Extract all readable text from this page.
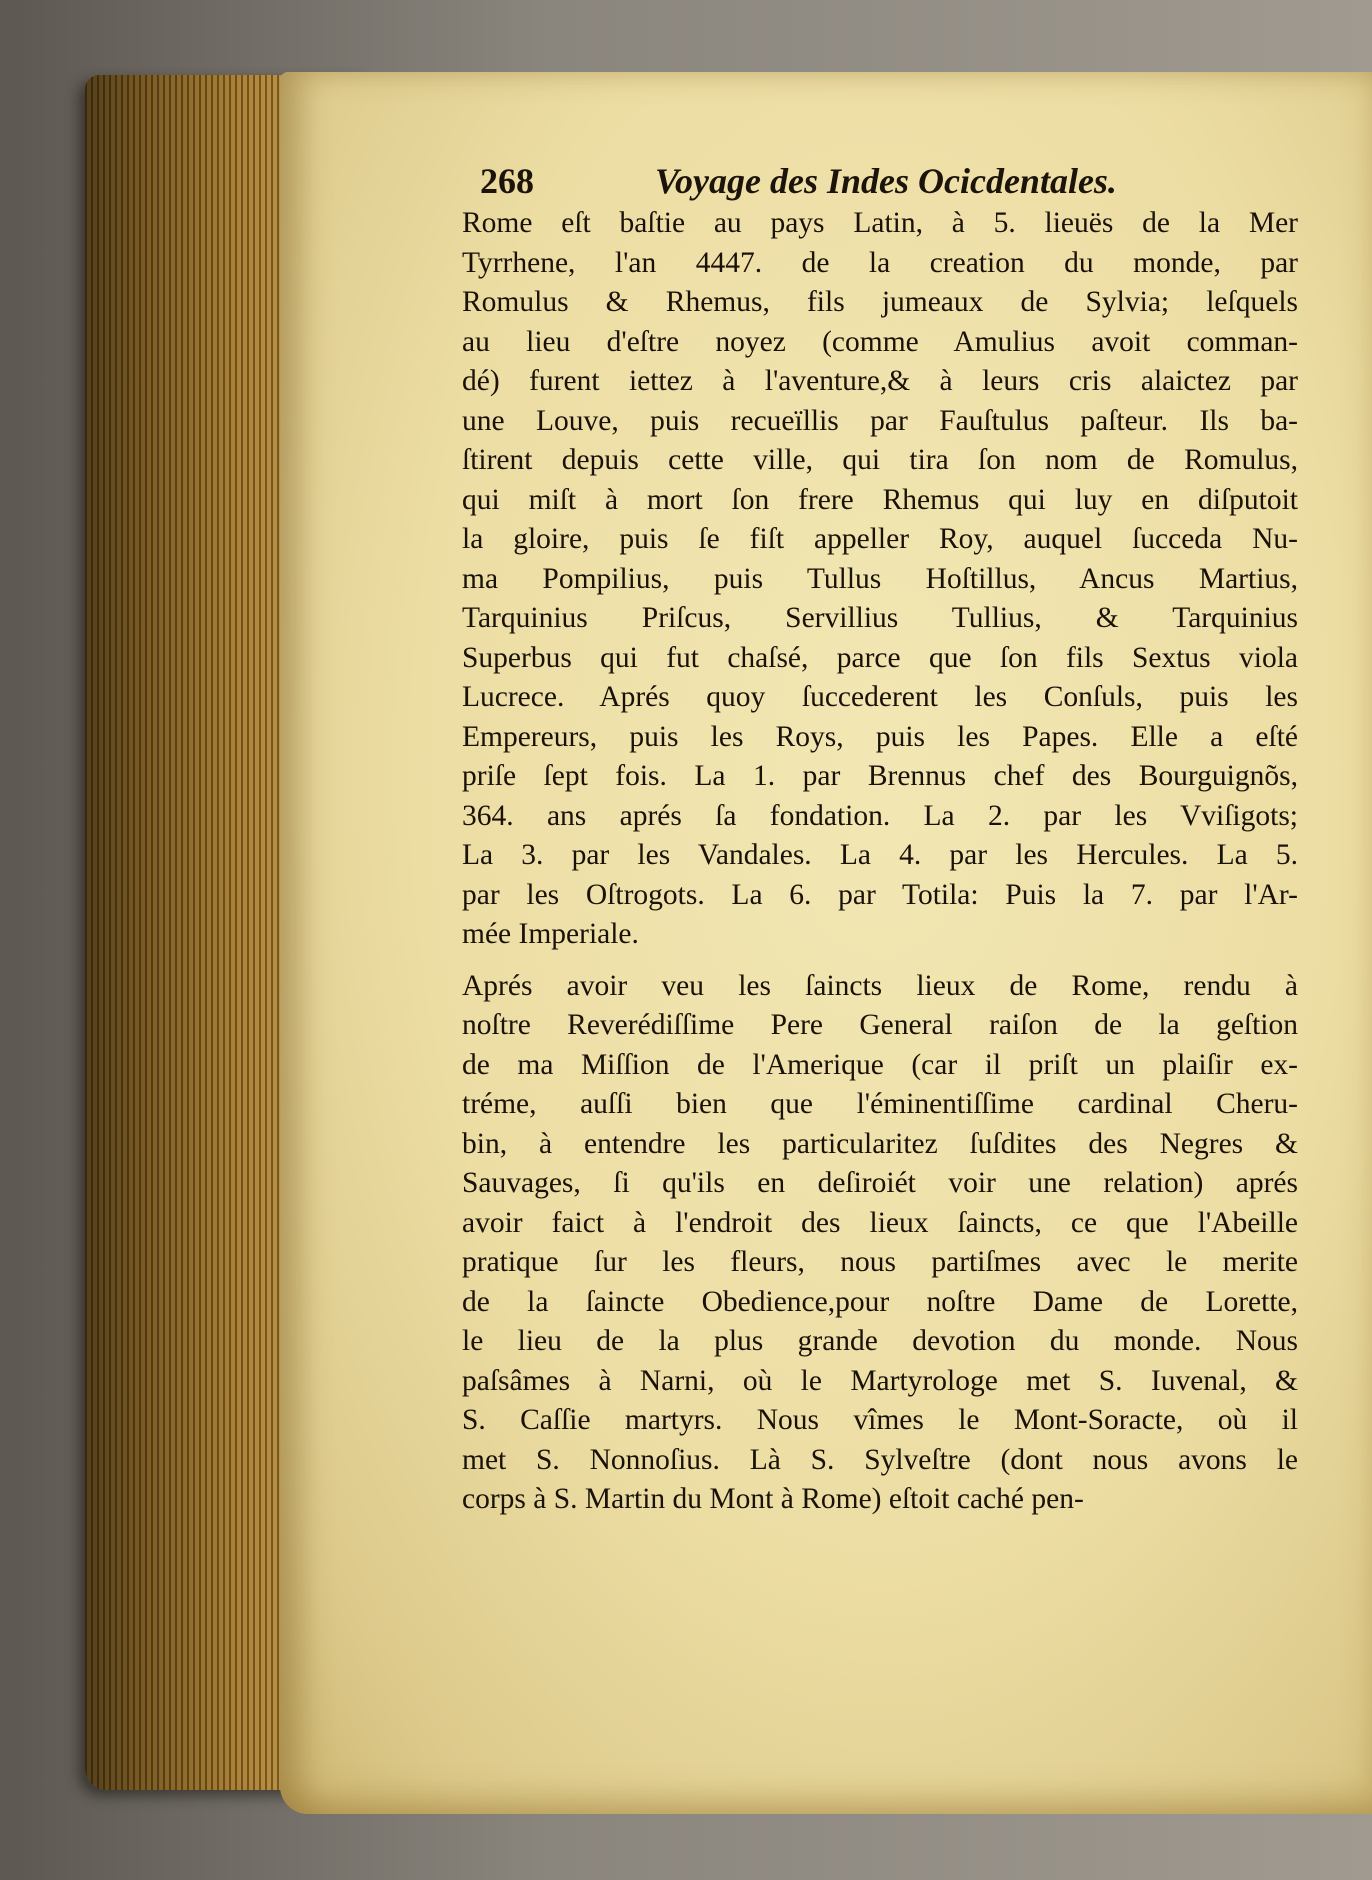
268	Voyage des Indes Ocicdentales.
Rome eſt baſtie au pays Latin, à 5. lieuës de la Mer
Tyrrhene, l'an 4447. de la creation du monde, par
Romulus & Rhemus, fils jumeaux de Sylvia; leſquels
au lieu d'eſtre noyez (comme Amulius avoit comman-
dé) furent iettez à l'aventure,& à leurs cris alaictez par
une Louve, puis recueïllis par Fauſtulus paſteur. Ils ba-
ſtirent depuis cette ville, qui tira ſon nom de Romulus,
qui miſt à mort ſon frere Rhemus qui luy en diſputoit
la gloire, puis ſe fiſt appeller Roy, auquel ſucceda Nu-
ma Pompilius, puis Tullus Hoſtillus, Ancus Martius,
Tarquinius Priſcus, Servillius Tullius, & Tarquinius
Superbus qui fut chaſsé, parce que ſon fils Sextus viola
Lucrece. Aprés quoy ſuccederent les Conſuls, puis les
Empereurs, puis les Roys, puis les Papes. Elle a eſté
priſe ſept fois. La 1. par Brennus chef des Bourguignõs,
364. ans aprés ſa fondation. La 2. par les Vviſigots;
La 3. par les Vandales. La 4. par les Hercules. La 5.
par les Oſtrogots. La 6. par Totila: Puis la 7. par l'Ar-
mée Imperiale.
Aprés avoir veu les ſaincts lieux de Rome, rendu à
noſtre Reverédiſſime Pere General raiſon de la geſtion
de ma Miſſion de l'Amerique (car il priſt un plaiſir ex-
tréme, auſſi bien que l'éminentiſſime cardinal Cheru-
bin, à entendre les particularitez ſuſdites des Negres &
Sauvages, ſi qu'ils en deſiroiét voir une relation) aprés
avoir faict à l'endroit des lieux ſaincts, ce que l'Abeille
pratique ſur les fleurs, nous partiſmes avec le merite
de la ſaincte Obedience,pour noſtre Dame de Lorette,
le lieu de la plus grande devotion du monde. Nous
paſsâmes à Narni, où le Martyrologe met S. Iuvenal, &
S. Caſſie martyrs. Nous vîmes le Mont-Soracte, où il
met S. Nonnoſius. Là S. Sylveſtre (dont nous avons le
corps à S. Martin du Mont à Rome) eſtoit caché pen-
